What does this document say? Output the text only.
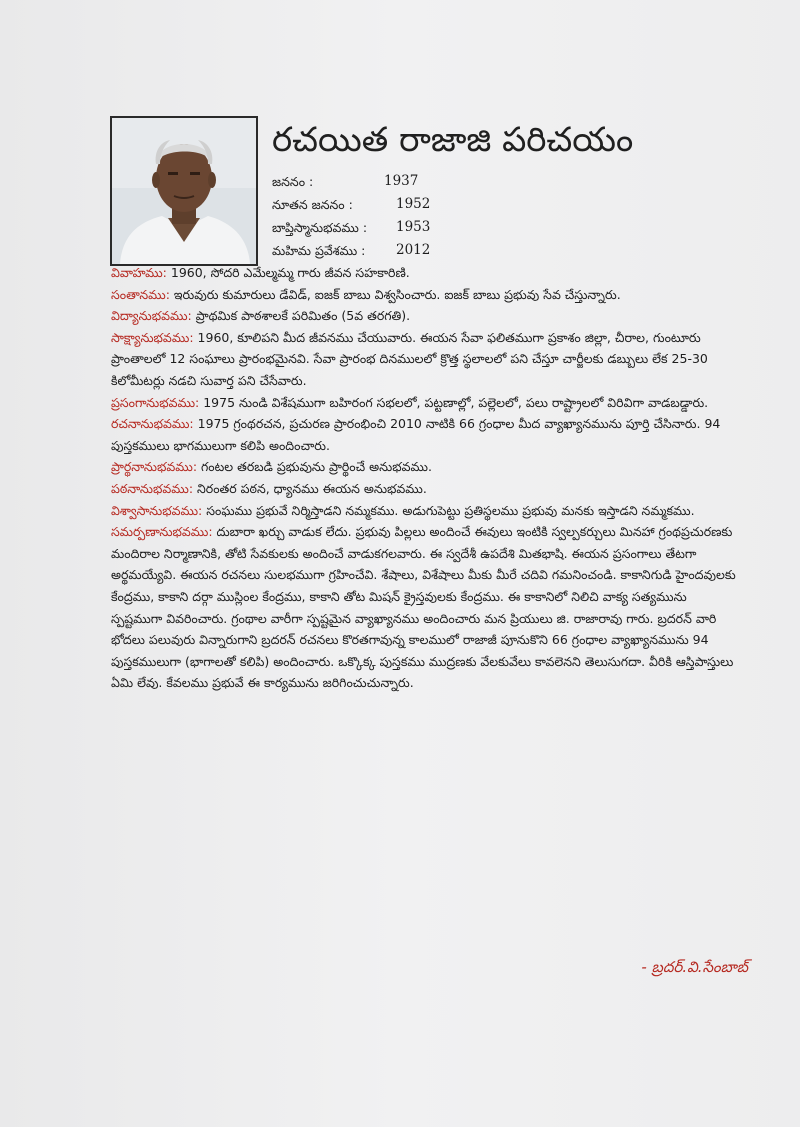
రచయిత రాజాజి పరిచయం
జననం :	1937
నూతన జననం :	1952
బాప్తిస్మానుభవము : 1953
మహిమ ప్రవేశము : 2012

వివాహము: 1960, సోదరి ఎమేల్మమ్మ గారు జీవన సహకారిణి.

సంతానము: ఇరువురు కుమారులు డేవిడ్, ఐజక్ బాబు విశ్వసించారు. ఐజక్ బాబు ప్రభువు సేవ చేస్తున్నారు.

విద్యానుభవము: ప్రాథమిక పాఠశాలకే పరిమితం (5వ తరగతి).

సాక్ష్యానుభవము: 1960, కూలిపని మీద జీవనము చేయువారు. ఈయన సేవా ఫలితముగా ప్రకాశం జిల్లా, చీరాల, గుంటూరు ప్రాంతాలలో 12 సంఘాలు ప్రారంభమైనవి. సేవా ప్రారంభ దినములలో క్రొత్త స్థలాలలో పని చేస్తూ చార్జీలకు డబ్బులు లేక 25-30 కిలోమీటర్లు నడచి సువార్త పని చేసేవారు.

ప్రసంగానుభవము: 1975 నుండి విశేషముగా బహిరంగ సభలలో, పట్టణాల్లో, పల్లెలలో, పలు రాష్ట్రాలలో విరివిగా వాడబడ్డారు.

రచనానుభవము: 1975 గ్రంథరచన, ప్రచురణ ప్రారంభించి 2010 నాటికి 66 గ్రంధాల మీద వ్యాఖ్యానమును పూర్తి చేసినారు. 94 పుస్తకములు భాగములుగా కలిపి అందించారు.

ప్రార్థనానుభవము: గంటల తరబడి ప్రభువును ప్రార్థించే అనుభవము.

పఠనానుభవము: నిరంతర పఠన, ధ్యానము ఈయన అనుభవము.

విశ్వాసానుభవము: సంఘము ప్రభువే నిర్మిస్తాడని నమ్మకము. అడుగుపెట్టు ప్రతిస్థలము ప్రభువు మనకు ఇస్తాడని నమ్మకము.

సమర్పణానుభవము: దుబారా ఖర్చు వాడుక లేదు. ప్రభువు పిల్లలు అందించే ఈవులు ఇంటికి స్వల్పకర్చులు మినహా గ్రంథప్రచురణకు మందిరాల నిర్మాణానికి, తోటి సేవకులకు అందించే వాడుకగలవారు. ఈ స్వదేశీ ఉపదేశి మితభాషి. ఈయన ప్రసంగాలు తేటగా అర్థమయ్యేవి. ఈయన రచనలు సులభముగా గ్రహించేవి. శేషాలు, విశేషాలు మీకు మీరే చదివి గమనించండి. కాకానిగుడి హైందవులకు కేంద్రము, కాకాని దర్గా ముస్లింల కేంద్రము, కాకాని తోట మిషన్ క్రైస్తవులకు కేంద్రము. ఈ కాకానిలో నిలిచి వాక్య సత్యమును స్పష్టముగా వివరించారు. గ్రంథాల వారీగా స్పష్టమైన వ్యాఖ్యానము అందించారు మన ప్రియులు జి. రాజారావు గారు. బ్రదరన్ వారి భోదలు పలువురు విన్నారుగాని బ్రదరన్ రచనలు కొరతగావున్న కాలములో రాజాజీ పూనుకొని 66 గ్రంధాల వ్యాఖ్యానమును 94 పుస్తకములుగా (భాగాలతో కలిపి) అందించారు. ఒక్కొక్క పుస్తకము ముద్రణకు వేలకువేలు కావలెనని తెలుసుగదా. వీరికి ఆస్తిపాస్తులు ఏమి లేవు. కేవలము ప్రభువే ఈ కార్యమును జరిగించుచున్నారు.

- బ్రదర్.వి.సేంబాబ్
